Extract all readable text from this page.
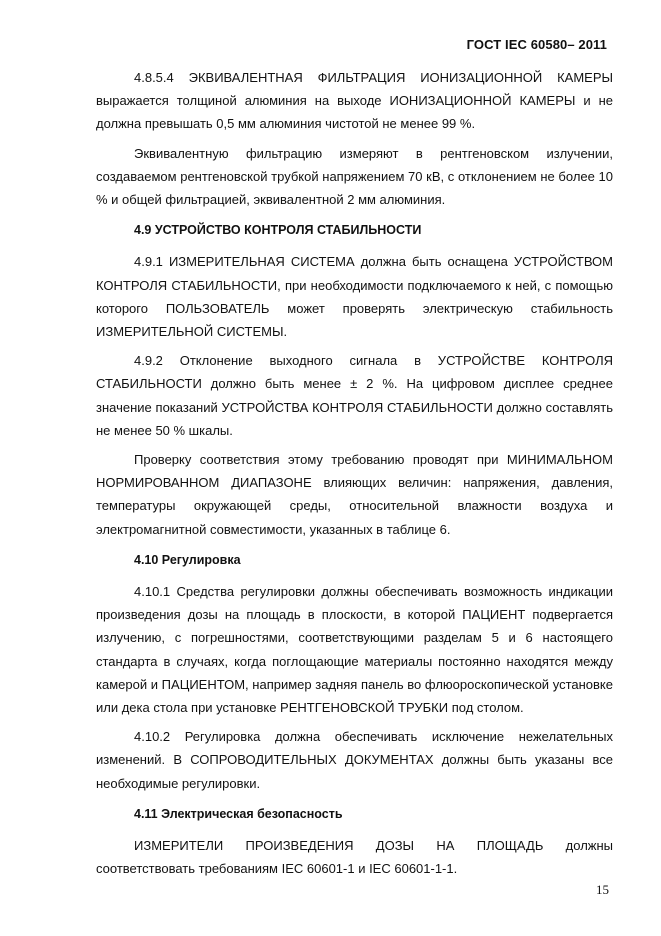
ГОСТ IEC 60580– 2011

4.8.5.4 ЭКВИВАЛЕНТНАЯ ФИЛЬТРАЦИЯ ИОНИЗАЦИОННОЙ КАМЕРЫ выражается толщиной алюминия на выходе ИОНИЗАЦИОННОЙ КАМЕРЫ и не должна превышать 0,5 мм алюминия чистотой не менее 99 %.

Эквивалентную фильтрацию измеряют в рентгеновском излучении, создаваемом рентгеновской трубкой напряжением 70 кВ, с отклонением не более 10 % и общей фильтрацией, эквивалентной 2 мм алюминия.

4.9 УСТРОЙСТВО КОНТРОЛЯ СТАБИЛЬНОСТИ

4.9.1 ИЗМЕРИТЕЛЬНАЯ СИСТЕМА должна быть оснащена УСТРОЙСТВОМ КОНТРОЛЯ СТАБИЛЬНОСТИ, при необходимости подключаемого к ней, с помощью которого ПОЛЬЗОВАТЕЛЬ может проверять электрическую стабильность ИЗМЕРИТЕЛЬНОЙ СИСТЕМЫ.

4.9.2 Отклонение выходного сигнала в УСТРОЙСТВЕ КОНТРОЛЯ СТАБИЛЬНОСТИ должно быть менее ± 2 %. На цифровом дисплее среднее значение показаний УСТРОЙСТВА КОНТРОЛЯ СТАБИЛЬНОСТИ должно составлять не менее 50 % шкалы.

Проверку соответствия этому требованию проводят при МИНИМАЛЬНОМ НОРМИРОВАННОМ ДИАПАЗОНЕ влияющих величин: напряжения, давления, температуры окружающей среды, относительной влажности воздуха и электромагнитной совместимости, указанных в таблице 6.

4.10 Регулировка

4.10.1 Средства регулировки должны обеспечивать возможность индикации произведения дозы на площадь в плоскости, в которой ПАЦИЕНТ подвергается излучению, с погрешностями, соответствующими разделам 5 и 6 настоящего стандарта в случаях, когда поглощающие материалы постоянно находятся между камерой и ПАЦИЕНТОМ, например задняя панель во флюороскопической установке или дека стола при установке РЕНТГЕНОВСКОЙ ТРУБКИ под столом.

4.10.2 Регулировка должна обеспечивать исключение нежелательных изменений. В СОПРОВОДИТЕЛЬНЫХ ДОКУМЕНТАХ должны быть указаны все необходимые регулировки.

4.11 Электрическая безопасность

ИЗМЕРИТЕЛИ ПРОИЗВЕДЕНИЯ ДОЗЫ НА ПЛОЩАДЬ должны соответствовать требованиям IEC 60601-1 и IEC 60601-1-1.

15
